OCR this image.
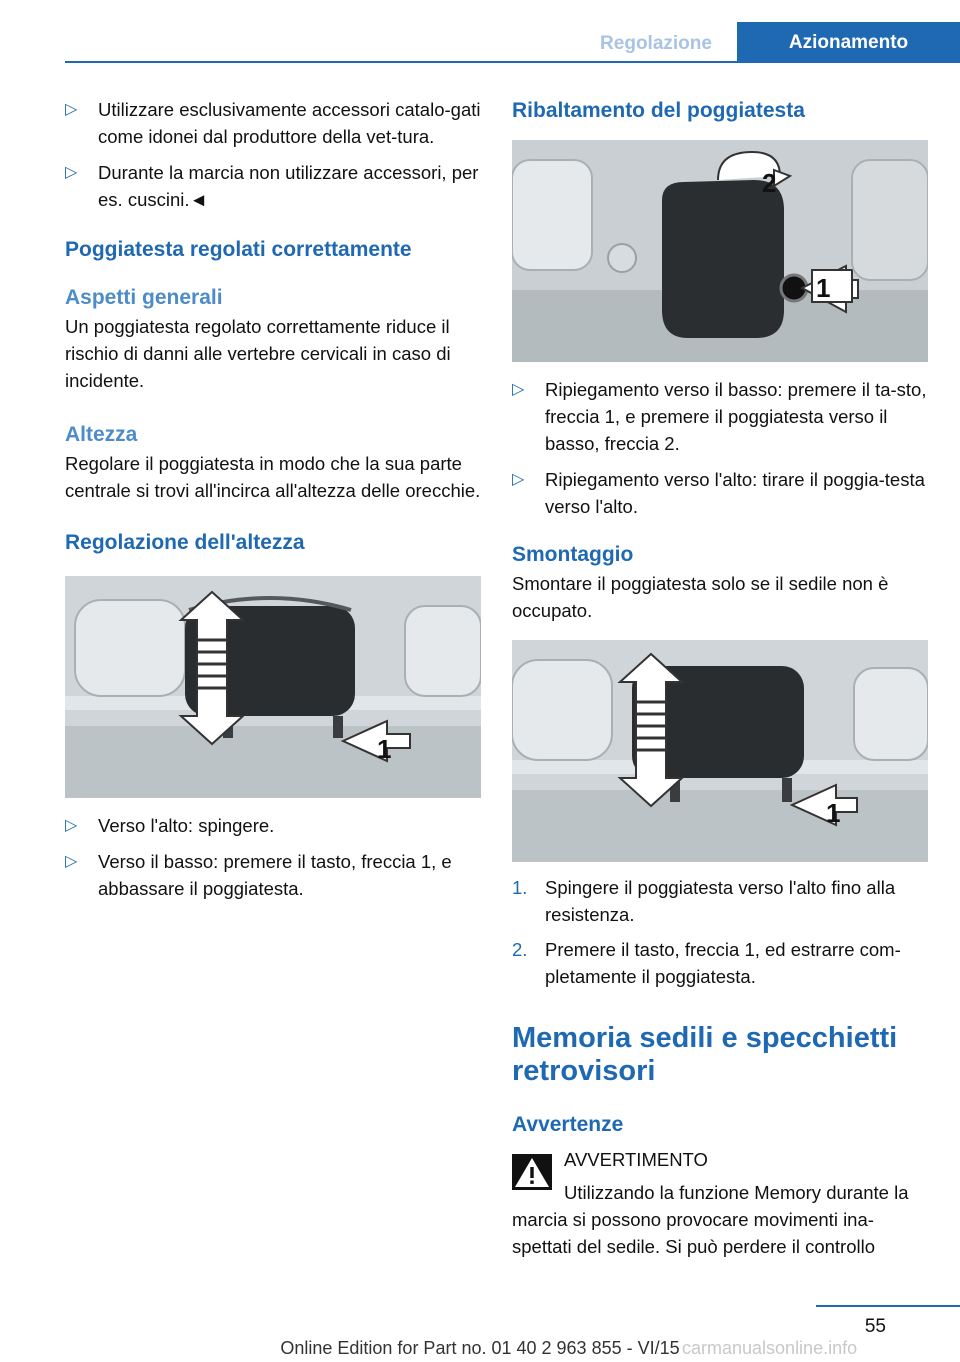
Regolazione	Azionamento

▷ Utilizzare esclusivamente accessori catalo-gati come idonei dal produttore della vet-tura.

▷ Durante la marcia non utilizzare accessori, per es. cuscini.◄

Poggiatesta regolati correttamente
Aspetti generali

Un poggiatesta regolato correttamente riduce il rischio di danni alle vertebre cervicali in caso di incidente.

Altezza

Regolare il poggiatesta in modo che la sua parte centrale si trovi all'incirca all'altezza delle orecchie.

Regolazione dell'altezza
1

▷ Verso l'alto: spingere.

▷ Verso il basso: premere il tasto, freccia 1, e abbassare il poggiatesta.

Ribaltamento del poggiatesta
2
1

▷ Ripiegamento verso il basso: premere il ta-sto, freccia 1, e premere il poggiatesta verso il basso, freccia 2.

▷ Ripiegamento verso l'alto: tirare il poggia-testa verso l'alto.

Smontaggio

Smontare il poggiatesta solo se il sedile non è occupato.

1

1. Spingere il poggiatesta verso l'alto fino alla resistenza.

2. Premere il tasto, freccia 1, ed estrarre com-pletamente il poggiatesta.

Memoria sedili e specchietti retrovisori
Avvertenze

AVVERTIMENTO

Utilizzando la funzione Memory durante la marcia si possono provocare movimenti ina-spettati del sedile. Si può perdere il controllo

55
Online Edition for Part no. 01 40 2 963 855 - VI/15 carmanualsonline.info
